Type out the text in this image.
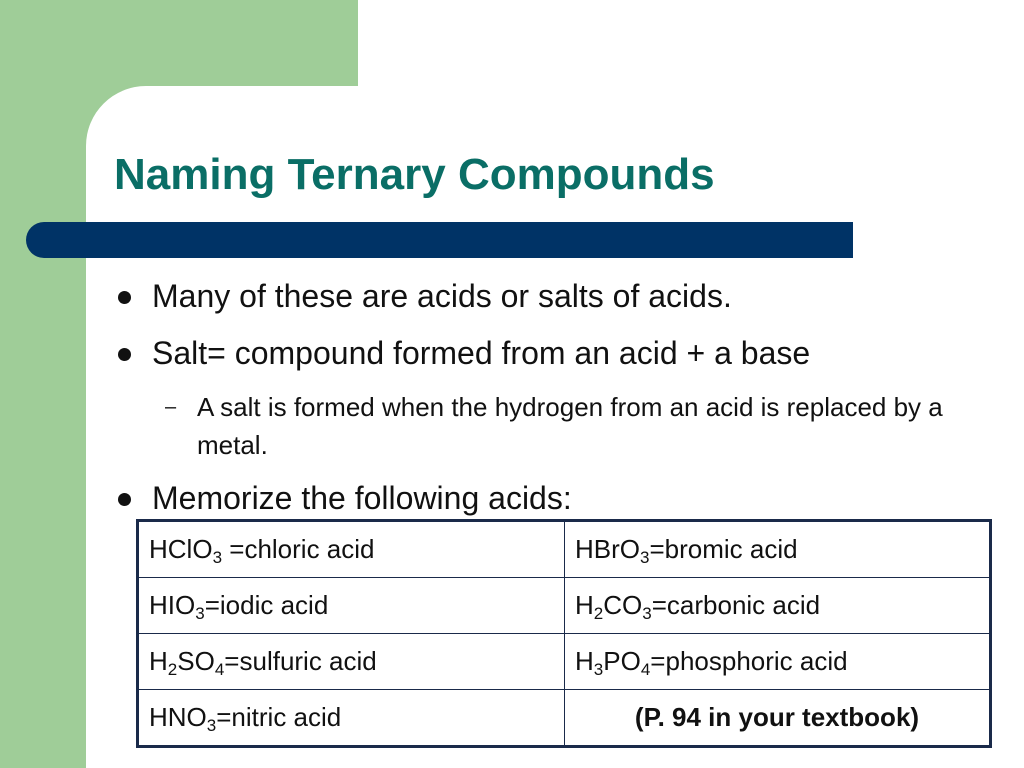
Naming Ternary Compounds
Many of these are acids or salts of acids.
Salt= compound formed from an acid + a base
– A salt is formed when the hydrogen from an acid is replaced by a metal.
Memorize the following acids:
HClO$_3$ =chloric acid	HBrO$_3$=bromic acid
$HIO_3=iodic$ acid	$H_2CO_3=carbonic$ acid
$H_2SO_4=sulfuric$ acid	$H_3PO_4=phosphoric$ acid
$HNO_3=nitric$ acid	(P. 94 in your textbook)
